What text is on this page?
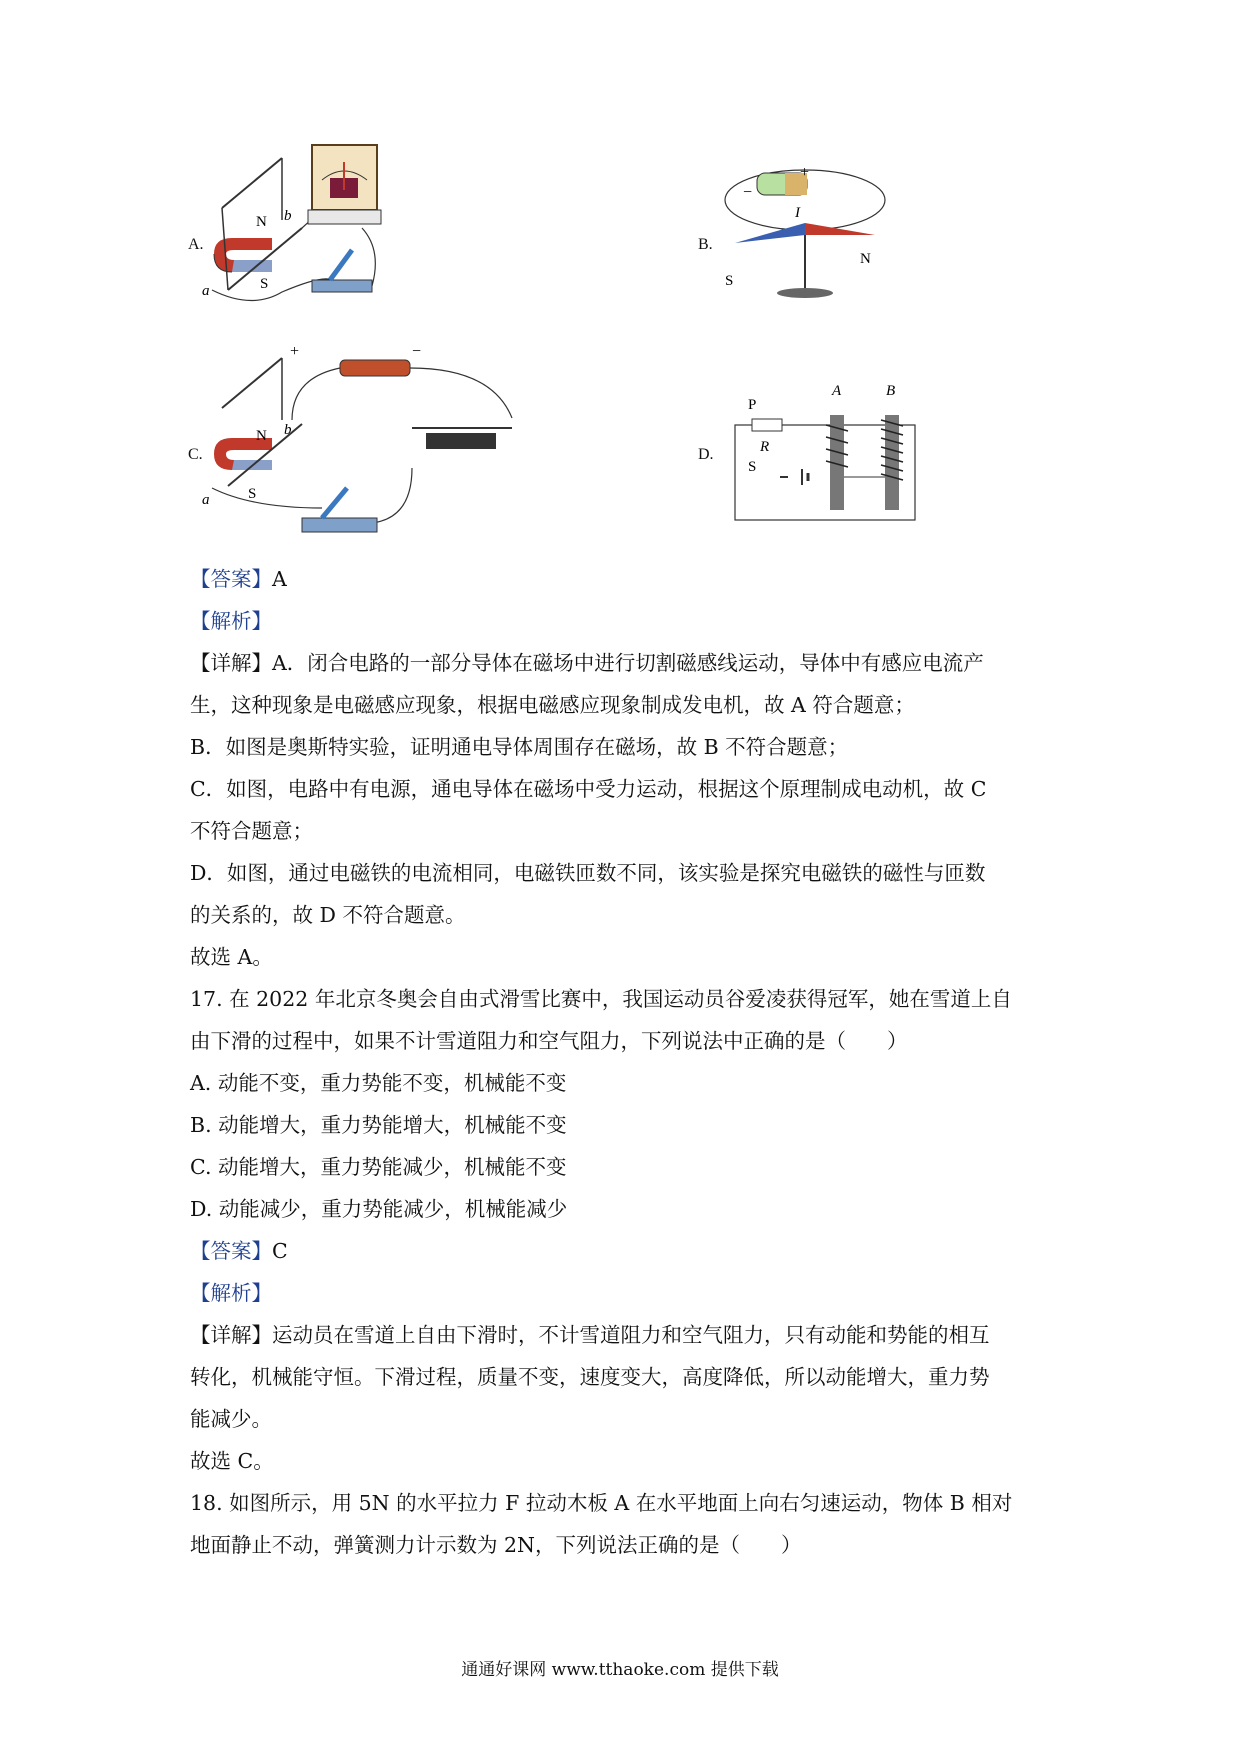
A.
N b
S
a
B.
+
−
I
N
S
C.
+	−
N b
S
a
D.
P
R
S
A	B
【答案】A
【解析】
【详解】A．闭合电路的一部分导体在磁场中进行切割磁感线运动，导体中有感应电流产
生，这种现象是电磁感应现象，根据电磁感应现象制成发电机，故 A 符合题意；
B．如图是奥斯特实验，证明通电导体周围存在磁场，故 B 不符合题意；
C．如图，电路中有电源，通电导体在磁场中受力运动，根据这个原理制成电动机，故 C
不符合题意；
D．如图，通过电磁铁的电流相同，电磁铁匝数不同，该实验是探究电磁铁的磁性与匝数
的关系的，故 D 不符合题意。
故选 A。
17. 在 2022 年北京冬奥会自由式滑雪比赛中，我国运动员谷爱凌获得冠军，她在雪道上自
由下滑的过程中，如果不计雪道阻力和空气阻力，下列说法中正确的是（　　）
A. 动能不变，重力势能不变，机械能不变
B. 动能增大，重力势能增大，机械能不变
C. 动能增大，重力势能减少，机械能不变
D. 动能减少，重力势能减少，机械能减少
【答案】C
【解析】
【详解】运动员在雪道上自由下滑时，不计雪道阻力和空气阻力，只有动能和势能的相互
转化，机械能守恒。下滑过程，质量不变，速度变大，高度降低，所以动能增大，重力势
能减少。
故选 C。
18. 如图所示，用 5N 的水平拉力 F 拉动木板 A 在水平地面上向右匀速运动，物体 B 相对
地面静止不动，弹簧测力计示数为 2N，下列说法正确的是（　　）
通通好课网 www.tthaoke.com 提供下载
